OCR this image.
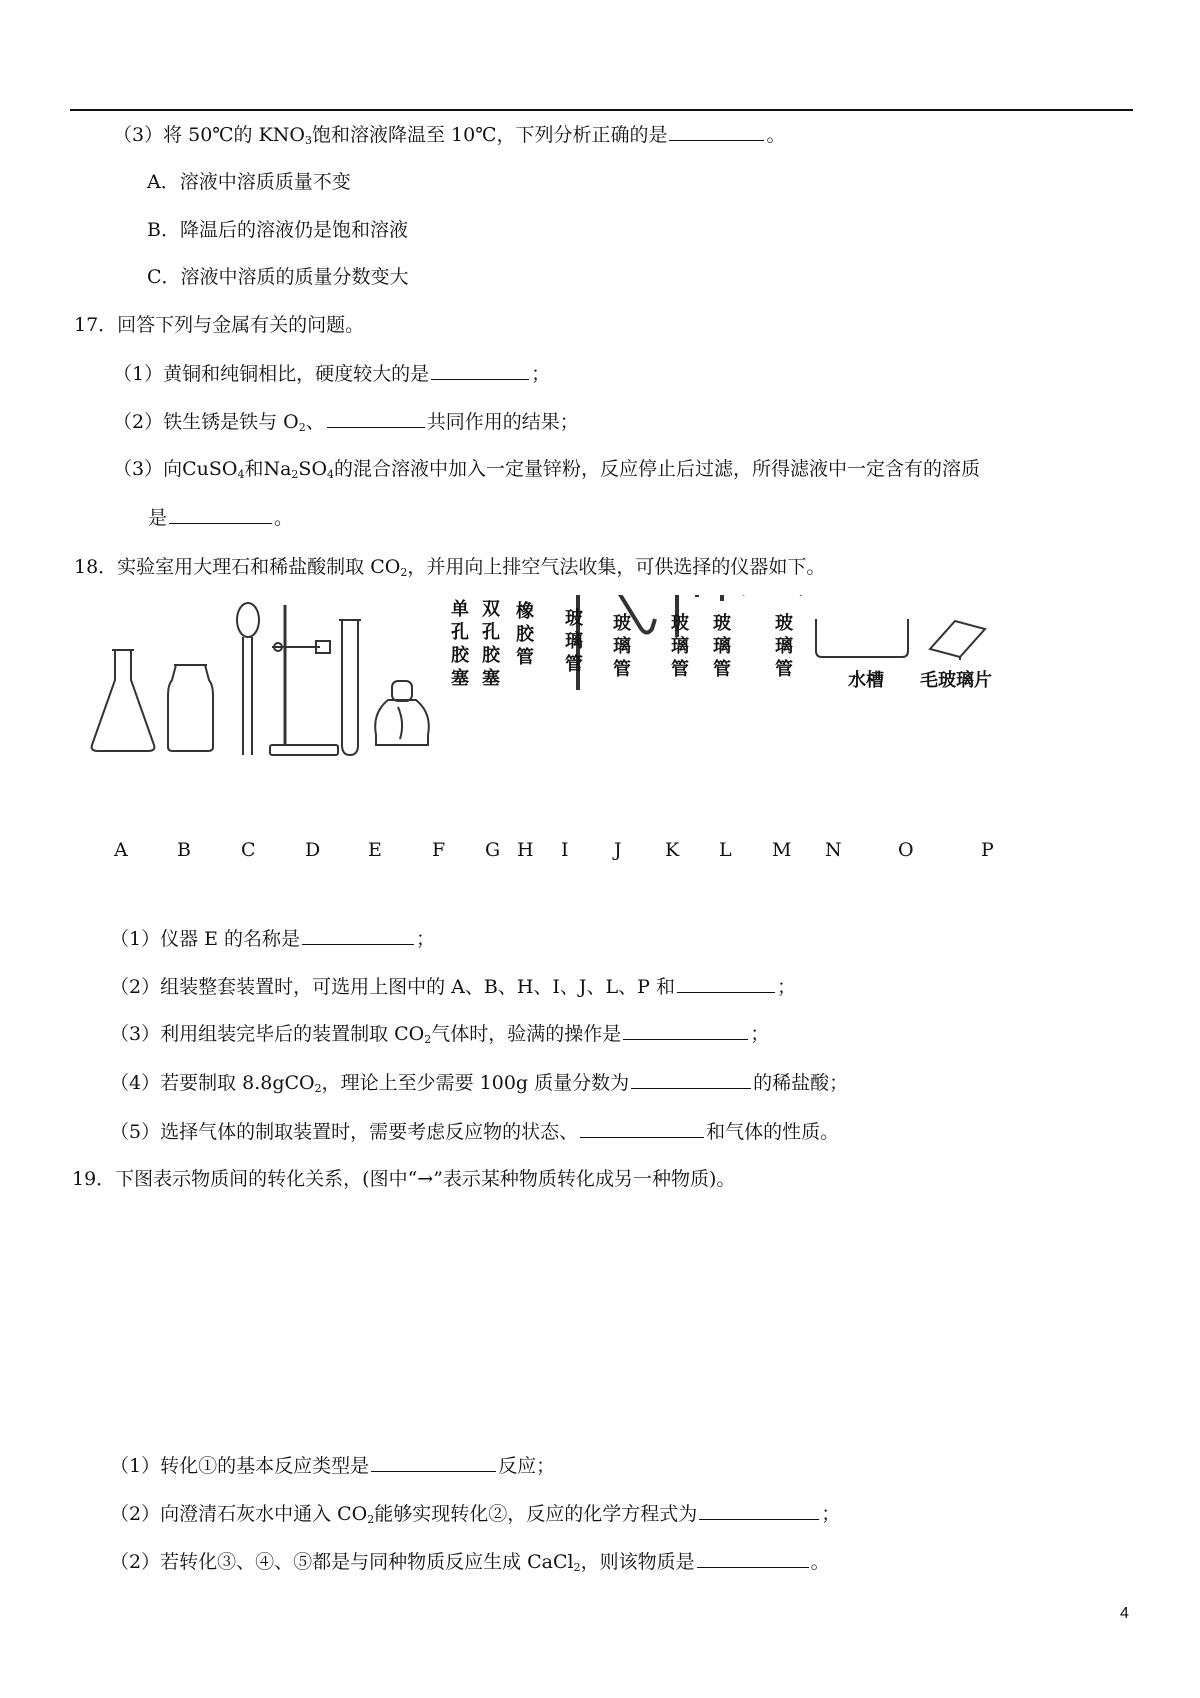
（3）将 50℃的 $KNO_3$饱和溶液降温至 10℃，下列分析正确的是	。
A．溶液中溶质质量不变
B．降温后的溶液仍是饱和溶液
C．溶液中溶质的质量分数变大
17．回答下列与金属有关的问题。
（1）黄铜和纯铜相比，硬度较大的是	；
（2）铁生锈是铁与 $O_2$、	共同作用的结果；
（3）向CuSO$_4$和$Na_2SO_4$的混合溶液中加入一定量锌粉，反应停止后过滤，所得滤液中一定含有的溶质
是	。
18．实验室用大理石和稀盐酸制取 $CO_2$，并用向上排空气法收集，可供选择的仪器如下。
单
孔
胶
塞
双
孔
胶
塞
橡
胶
管
玻
璃
管
玻
璃
管
玻
璃
管
玻
璃
管
玻
璃
管
水槽 毛玻璃片
A	B	C	D	E	F G H I J K L M N	O	P
（1）仪器 E 的名称是	；
（2）组装整套装置时，可选用上图中的 A、B、H、I、J、L、P 和	；
（3）利用组装完毕后的装置制取 $CO_2$气体时，验满的操作是	；
（4）若要制取 8.8gCO$_2$，理论上至少需要 100g 质量分数为	的稀盐酸；
（5）选择气体的制取装置时，需要考虑反应物的状态、	和气体的性质。
19．下图表示物质间的转化关系，(图中“→”表示某种物质转化成另一种物质)。
（1）转化①的基本反应类型是	反应；
（2）向澄清石灰水中通入 $CO_2$能够实现转化②，反应的化学方程式为	；
（2）若转化③、④、⑤都是与同种物质反应生成 CaCl$_2$，则该物质是	。
4
